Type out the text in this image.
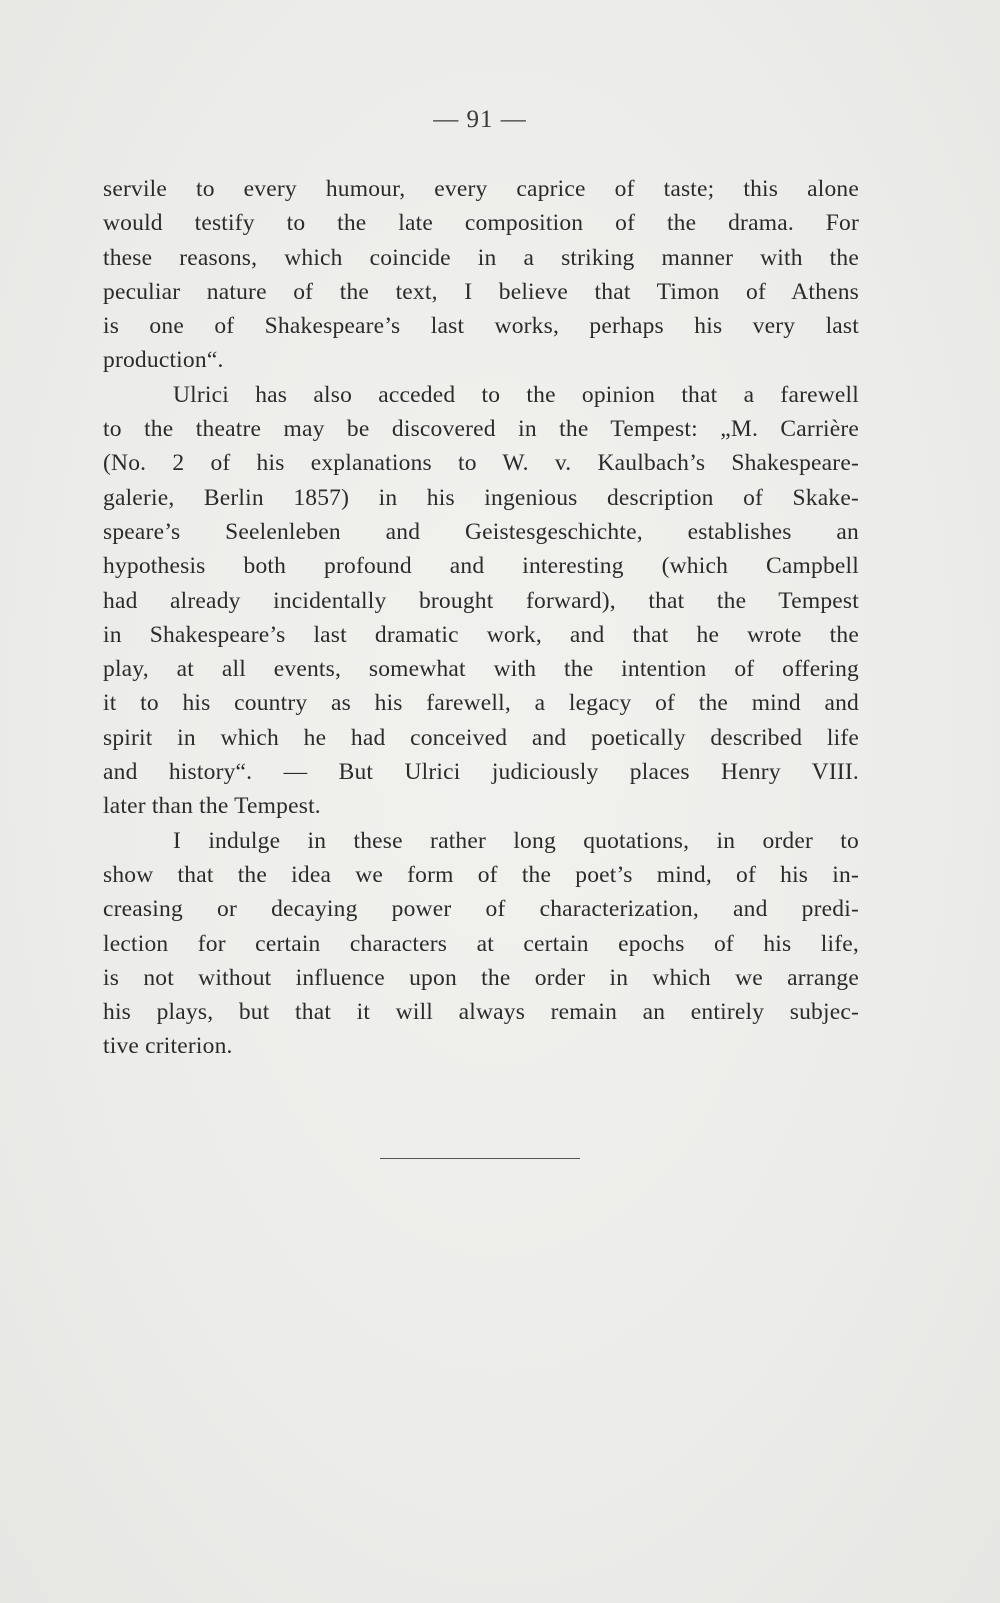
— 91 —
servile to every humour, every caprice of taste; this alone
would testify to the late composition of the drama. For
these reasons, which coincide in a striking manner with the
peculiar nature of the text, I believe that Timon of Athens
is one of Shakespeare’s last works, perhaps his very last
production“.
Ulrici has also acceded to the opinion that a farewell
to the theatre may be discovered in the Tempest: „M. Carrière
(No. 2 of his explanations to W. v. Kaulbach’s Shakespeare-
galerie, Berlin 1857) in his ingenious description of Skake-
speare’s Seelenleben and Geistesgeschichte, establishes an
hypothesis both profound and interesting (which Campbell
had already incidentally brought forward), that the Tempest
in Shakespeare’s last dramatic work, and that he wrote the
play, at all events, somewhat with the intention of offering
it to his country as his farewell, a legacy of the mind and
spirit in which he had conceived and poetically described life
and history“. — But Ulrici judiciously places Henry VIII.
later than the Tempest.
I indulge in these rather long quotations, in order to
show that the idea we form of the poet’s mind, of his in-
creasing or decaying power of characterization, and predi-
lection for certain characters at certain epochs of his life,
is not without influence upon the order in which we arrange
his plays, but that it will always remain an entirely subjec-
tive criterion.
